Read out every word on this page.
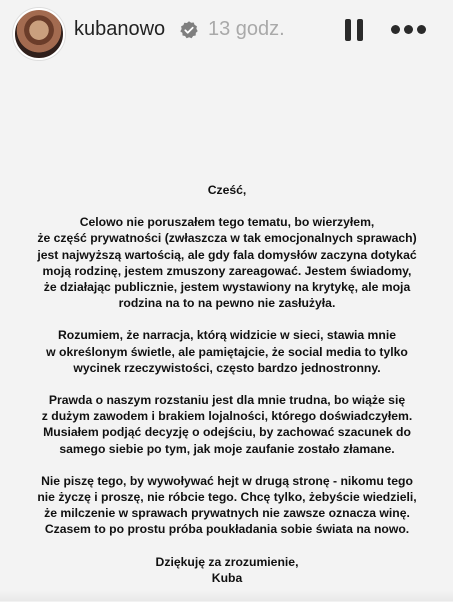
kubanowo 13 godz.

Cześć,

Celowo nie poruszałem tego tematu, bo wierzyłem,
że część prywatności (zwłaszcza w tak emocjonalnych sprawach)
jest najwyższą wartością, ale gdy fala domysłów zaczyna dotykać
moją rodzinę, jestem zmuszony zareagować. Jestem świadomy,
że działając publicznie, jestem wystawiony na krytykę, ale moja
rodzina na to na pewno nie zasłużyła.

Rozumiem, że narracja, którą widzicie w sieci, stawia mnie
w określonym świetle, ale pamiętajcie, że social media to tylko
wycinek rzeczywistości, często bardzo jednostronny.

Prawda o naszym rozstaniu jest dla mnie trudna, bo wiąże się
z dużym zawodem i brakiem lojalności, którego doświadczyłem.
Musiałem podjąć decyzję o odejściu, by zachować szacunek do
samego siebie po tym, jak moje zaufanie zostało złamane.

Nie piszę tego, by wywoływać hejt w drugą stronę - nikomu tego
nie życzę i proszę, nie róbcie tego. Chcę tylko, żebyście wiedzieli,
że milczenie w sprawach prywatnych nie zawsze oznacza winę.
Czasem to po prostu próba poukładania sobie świata na nowo.

Dziękuję za zrozumienie,
Kuba
